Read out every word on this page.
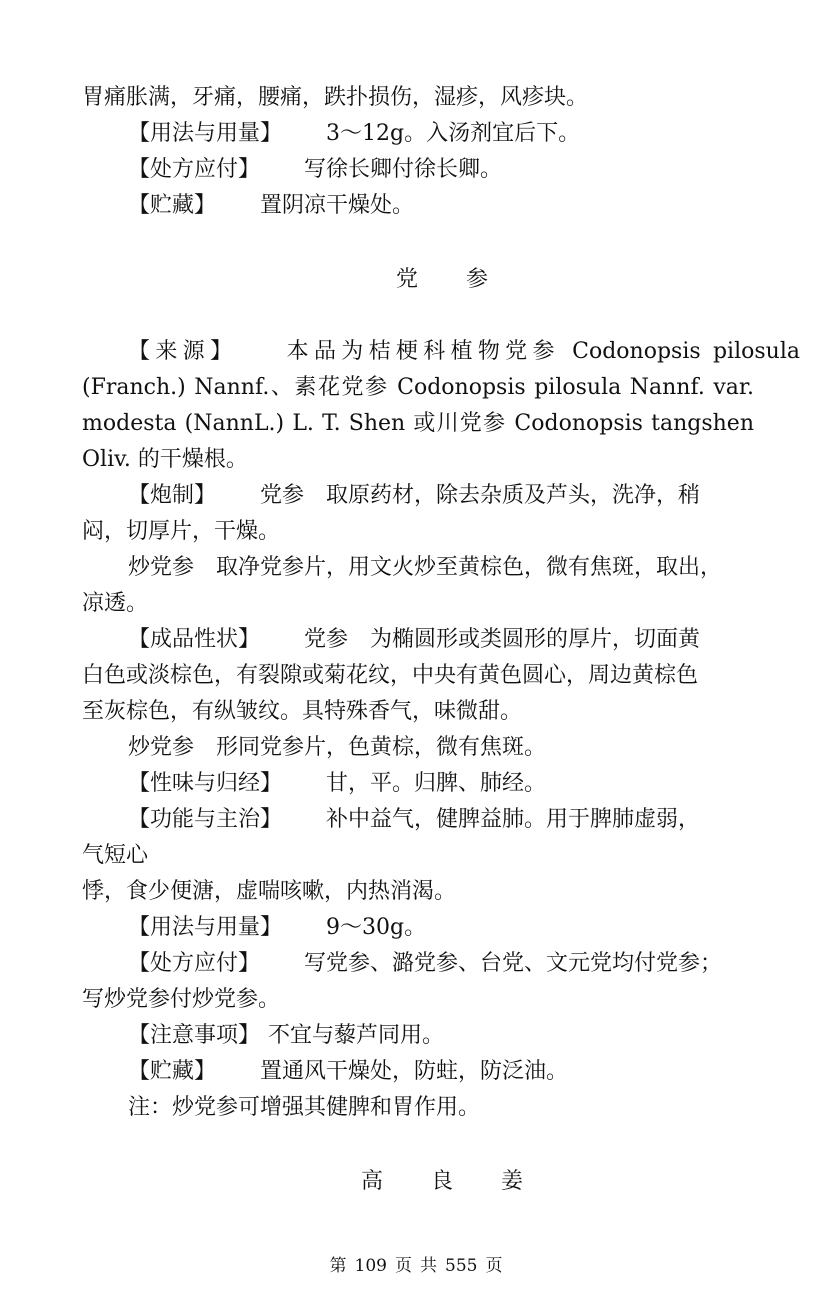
胃痛胀满，牙痛，腰痛，跌扑损伤，湿疹，风疹块。
【用法与用量】 3～12g。入汤剂宜后下。
【处方应付】 写徐长卿付徐长卿。
【贮藏】 置阴凉干燥处。
党参
【来源】 本品为桔梗科植物党参 Codonopsis pilosula
(Franch.) Nannf.、素花党参 Codonopsis pilosula Nannf. var.
modesta (NannL.) L. T. Shen 或川党参 Codonopsis tangshen
Oliv. 的干燥根。
【炮制】 党参　取原药材，除去杂质及芦头，洗净，稍
闷，切厚片，干燥。
炒党参　取净党参片，用文火炒至黄棕色，微有焦斑，取出，
凉透。
【成品性状】 党参　为椭圆形或类圆形的厚片，切面黄
白色或淡棕色，有裂隙或菊花纹，中央有黄色圆心，周边黄棕色
至灰棕色，有纵皱纹。具特殊香气，味微甜。
炒党参　形同党参片，色黄棕，微有焦斑。
【性味与归经】 甘，平。归脾、肺经。
【功能与主治】 补中益气，健脾益肺。用于脾肺虚弱，
气短心
悸，食少便溏，虚喘咳嗽，内热消渴。
【用法与用量】 9～30g。
【处方应付】 写党参、潞党参、台党、文元党均付党参；
写炒党参付炒党参。
【注意事项】 不宜与藜芦同用。
【贮藏】 置通风干燥处，防蛀，防泛油。
注：炒党参可增强其健脾和胃作用。
高良姜
第 109 页 共 555 页
